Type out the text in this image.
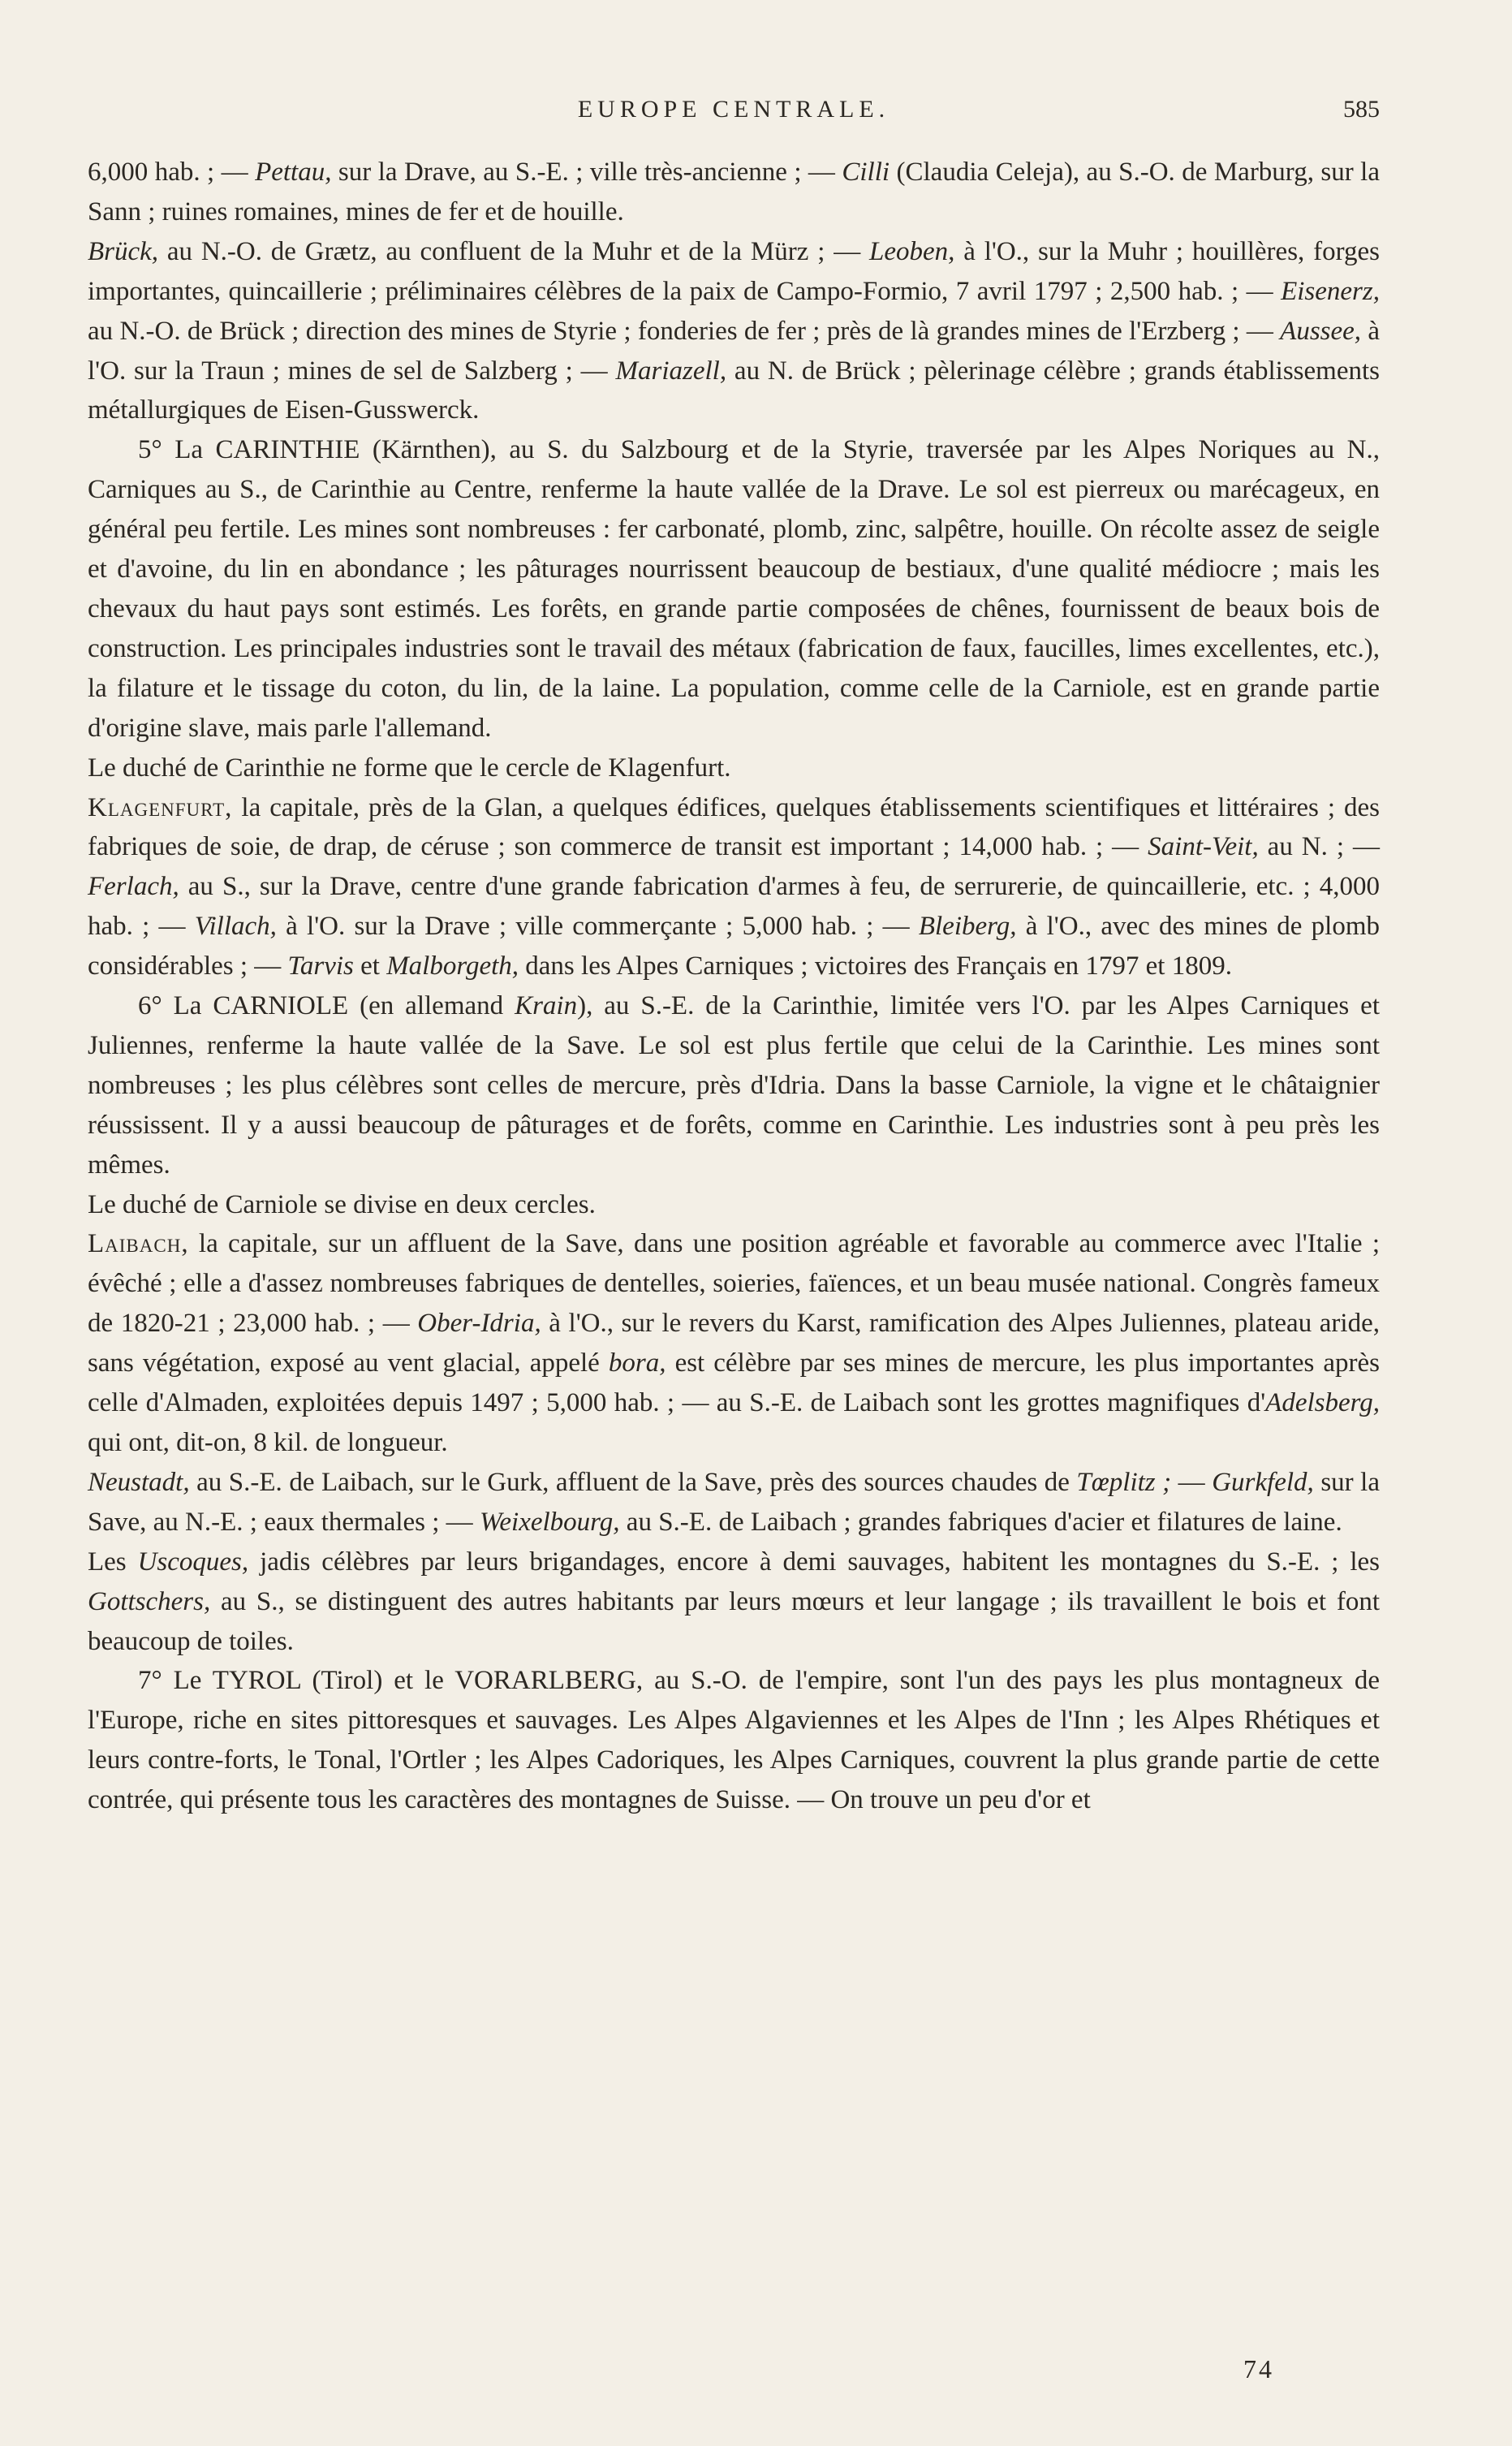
EUROPE CENTRALE.	585

6,000 hab. ; — Pettau, sur la Drave, au S.-E. ; ville très-ancienne ; — Cilli (Claudia Celeja), au S.-O. de Marburg, sur la Sann ; ruines romaines, mines de fer et de houille.

Brück, au N.-O. de Grætz, au confluent de la Muhr et de la Mürz ; — Leoben, à l'O., sur la Muhr ; houillères, forges importantes, quincaillerie ; préliminaires célèbres de la paix de Campo-Formio, 7 avril 1797 ; 2,500 hab. ; — Eisenerz, au N.-O. de Brück ; direction des mines de Styrie ; fonderies de fer ; près de là grandes mines de l'Erzberg ; — Aussee, à l'O. sur la Traun ; mines de sel de Salzberg ; — Mariazell, au N. de Brück ; pèlerinage célèbre ; grands établissements métallurgiques de Eisen-Gusswerck.

5° La CARINTHIE (Kärnthen), au S. du Salzbourg et de la Styrie, traversée par les Alpes Noriques au N., Carniques au S., de Carinthie au Centre, renferme la haute vallée de la Drave. Le sol est pierreux ou marécageux, en général peu fertile. Les mines sont nombreuses : fer carbonaté, plomb, zinc, salpêtre, houille. On récolte assez de seigle et d'avoine, du lin en abondance ; les pâturages nourrissent beaucoup de bestiaux, d'une qualité médiocre ; mais les chevaux du haut pays sont estimés. Les forêts, en grande partie composées de chênes, fournissent de beaux bois de construction. Les principales industries sont le travail des métaux (fabrication de faux, faucilles, limes excellentes, etc.), la filature et le tissage du coton, du lin, de la laine. La population, comme celle de la Carniole, est en grande partie d'origine slave, mais parle l'allemand.

Le duché de Carinthie ne forme que le cercle de Klagenfurt.

Klagenfurt, la capitale, près de la Glan, a quelques édifices, quelques établissements scientifiques et littéraires ; des fabriques de soie, de drap, de céruse ; son commerce de transit est important ; 14,000 hab. ; — Saint-Veit, au N. ; — Ferlach, au S., sur la Drave, centre d'une grande fabrication d'armes à feu, de serrurerie, de quincaillerie, etc. ; 4,000 hab. ; — Villach, à l'O. sur la Drave ; ville commerçante ; 5,000 hab. ; — Bleiberg, à l'O., avec des mines de plomb considérables ; — Tarvis et Malborgeth, dans les Alpes Carniques ; victoires des Français en 1797 et 1809.

6° La CARNIOLE (en allemand Krain), au S.-E. de la Carinthie, limitée vers l'O. par les Alpes Carniques et Juliennes, renferme la haute vallée de la Save. Le sol est plus fertile que celui de la Carinthie. Les mines sont nombreuses ; les plus célèbres sont celles de mercure, près d'Idria. Dans la basse Carniole, la vigne et le châtaignier réussissent. Il y a aussi beaucoup de pâturages et de forêts, comme en Carinthie. Les industries sont à peu près les mêmes.

Le duché de Carniole se divise en deux cercles.

Laibach, la capitale, sur un affluent de la Save, dans une position agréable et favorable au commerce avec l'Italie ; évêché ; elle a d'assez nombreuses fabriques de dentelles, soieries, faïences, et un beau musée national. Congrès fameux de 1820-21 ; 23,000 hab. ; — Ober-Idria, à l'O., sur le revers du Karst, ramification des Alpes Juliennes, plateau aride, sans végétation, exposé au vent glacial, appelé bora, est célèbre par ses mines de mercure, les plus importantes après celle d'Almaden, exploitées depuis 1497 ; 5,000 hab. ; — au S.-E. de Laibach sont les grottes magnifiques d'Adelsberg, qui ont, dit-on, 8 kil. de longueur.

Neustadt, au S.-E. de Laibach, sur le Gurk, affluent de la Save, près des sources chaudes de Tœplitz ; — Gurkfeld, sur la Save, au N.-E. ; eaux thermales ; — Weixelbourg, au S.-E. de Laibach ; grandes fabriques d'acier et filatures de laine.

Les Uscoques, jadis célèbres par leurs brigandages, encore à demi sauvages, habitent les montagnes du S.-E. ; les Gottschers, au S., se distinguent des autres habitants par leurs mœurs et leur langage ; ils travaillent le bois et font beaucoup de toiles.

7° Le TYROL (Tirol) et le VORARLBERG, au S.-O. de l'empire, sont l'un des pays les plus montagneux de l'Europe, riche en sites pittoresques et sauvages. Les Alpes Algaviennes et les Alpes de l'Inn ; les Alpes Rhétiques et leurs contre-forts, le Tonal, l'Ortler ; les Alpes Cadoriques, les Alpes Carniques, couvrent la plus grande partie de cette contrée, qui présente tous les caractères des montagnes de Suisse. — On trouve un peu d'or et

74
